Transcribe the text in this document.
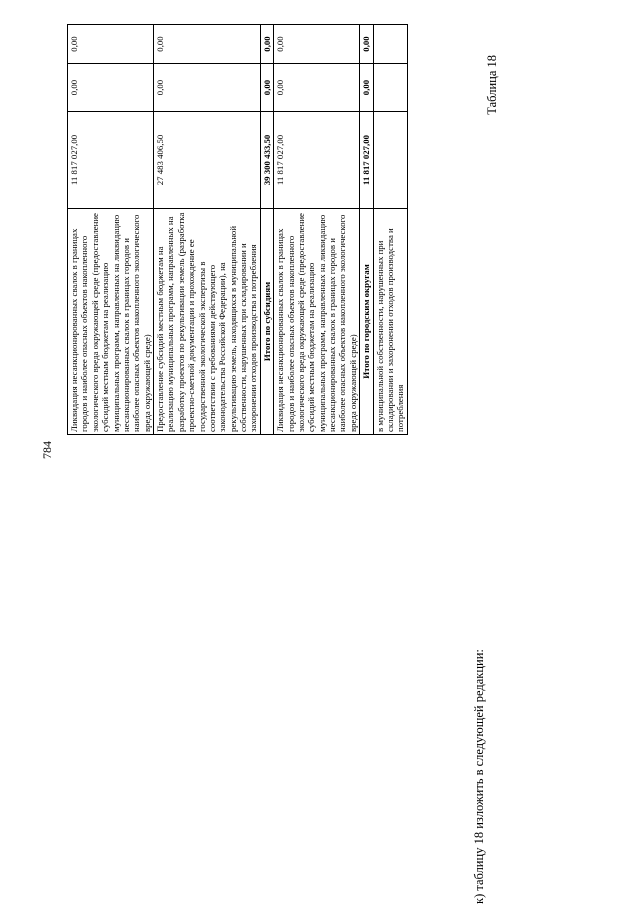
784
Ликвидация несанкционированных свалок в границах городов и наиболее опасных объектов накопленного экологического вреда окружающей среде (предоставление субсидий местным бюджетам на реализацию муниципальных программ, направленных на ликвидацию несанкционированных свалок в границах городов и наиболее опасных объектов накопленного экологического вреда окружающей среде)	11 817 027,00	0,00	0,00
Предоставление субсидий местным бюджетам на реализацию муниципальных программ, направленных на разработку проектов по рекультивации земель (разработка проектно-сметной документации и прохождение ее государственной экологической экспертизы в соответствии с требованиями действующего законодательства Российской Федерации), на рекультивацию земель, находящихся в муниципальной собственности, нарушенных при складировании и захоронении отходов производства и потребления	27 483 406,50	0,00	0,00
Итого по субсидиям	39 300 433,50	0,00	0,00
Ликвидация несанкционированных свалок в границах городов и наиболее опасных объектов накопленного экологического вреда окружающей среде (предоставление субсидий местным бюджетам на реализацию муниципальных программ, направленных на ликвидацию несанкционированных свалок в границах городов и наиболее опасных объектов накопленного экологического вреда окружающей среде)	11 817 027,00	0,00	0,00
Итого по городским округам	11 817 027,00	0,00	0,00
в муниципальной собственности, нарушенных при складировании и захоронении отходов производства и потребления			
к) таблицу 18 изложить в следующей редакции:
Таблица 18
